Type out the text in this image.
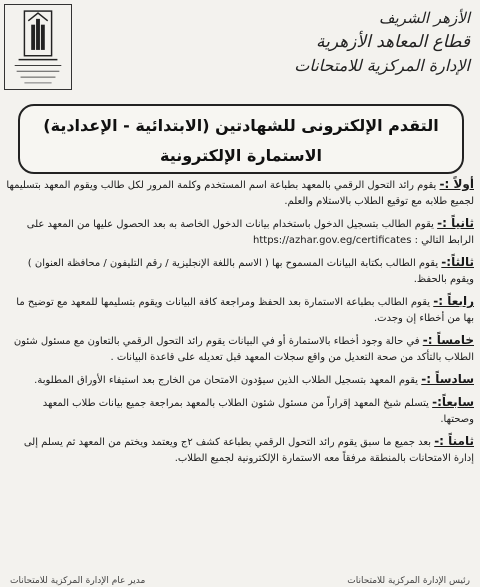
الأزهر الشريف
قطاع المعاهد الأزهرية
الإدارة المركزية للامتحانات
التقدم الإلكترونى للشهادتين (الابتدائية - الإعدادية)
الاستمارة الإلكترونية

أولاً :- يقوم رائد التحول الرقمي بالمعهد بطباعة اسم المستخدم وكلمة المرور لكل طالب ويقوم المعهد بتسليمها لجميع طلابه مع توقيع الطلاب بالاستلام والعلم.

ثانياً :- يقوم الطالب بتسجيل الدخول باستخدام بيانات الدخول الخاصة به بعد الحصول عليها من المعهد على الرابط التالي : https://azhar.gov.eg/certificates

ثالثاً:- يقوم الطالب بكتابة البيانات المسموح بها ( الاسم باللغة الإنجليزية / رقم التليفون / محافظة العنوان ) ويقوم بالحفظ.

رابعاً :- يقوم الطالب بطباعة الاستمارة بعد الحفظ ومراجعة كافة البيانات ويقوم بتسليمها للمعهد مع توضيح ما بها من أخطاء إن وجدت.

خامساً :- في حالة وجود أخطاء بالاستمارة أو في البيانات يقوم رائد التحول الرقمي بالتعاون مع مسئول شئون الطلاب بالتأكد من صحة التعديل من واقع سجلات المعهد قبل تعديله على قاعدة البيانات .

سادساً :- يقوم المعهد بتسجيل الطلاب الذين سيؤدون الامتحان من الخارج بعد استيفاء الأوراق المطلوبة.

سابعاً:- يتسلم شيخ المعهد إقراراً من مسئول شئون الطلاب بالمعهد بمراجعة جميع بيانات طلاب المعهد وصحتها.

ثامناً :- بعد جميع ما سبق يقوم رائد التحول الرقمي بطباعة كشف ٢ج ويعتمد ويختم من المعهد ثم يسلم إلى إدارة الامتحانات بالمنطقة مرفقاً معه الاستمارة الإلكترونية لجميع الطلاب.

رئيس الإدارة المركزية للامتحانات
مدير عام الإدارة المركزية للامتحانات
